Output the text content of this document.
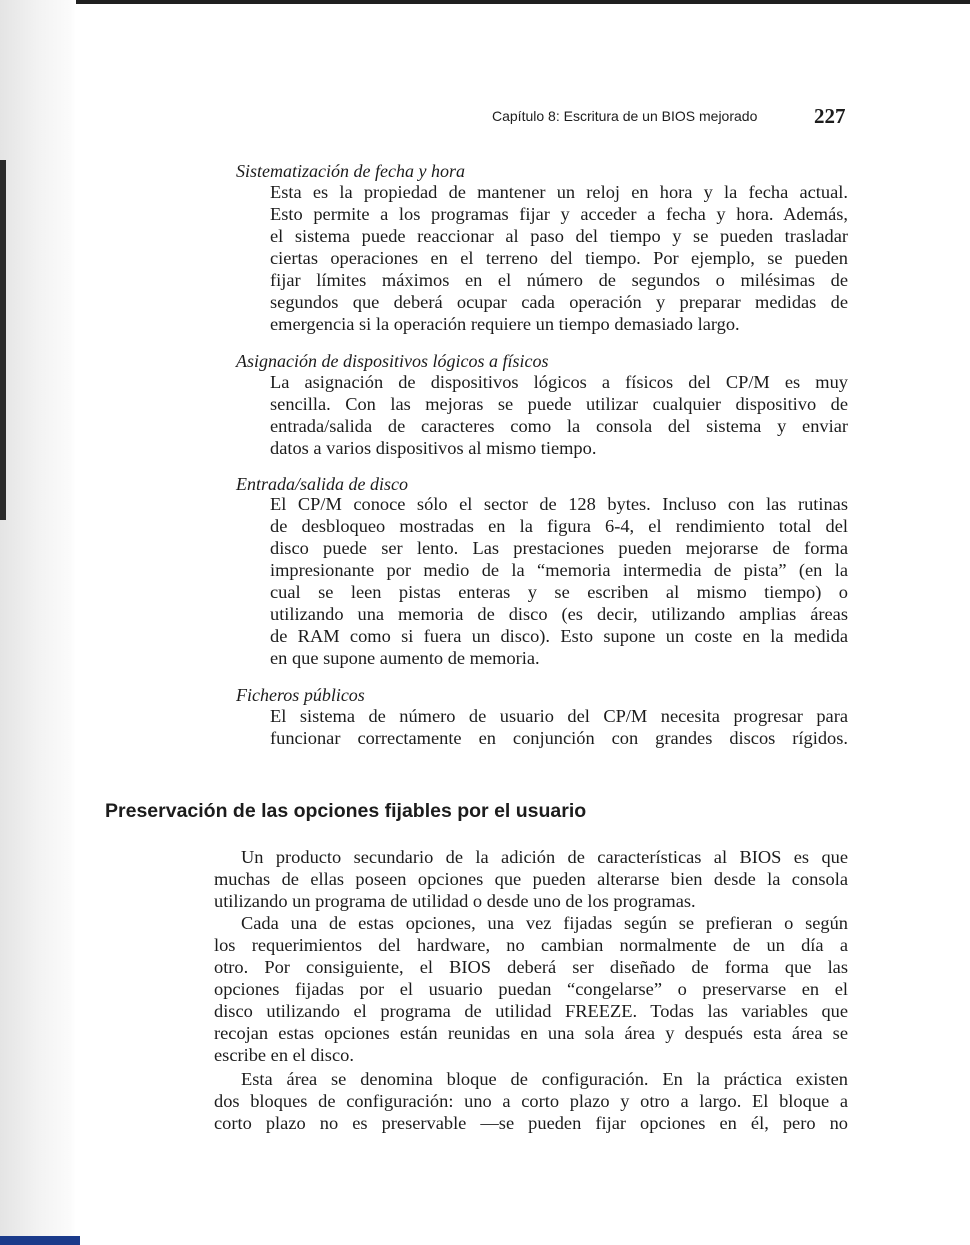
Capítulo 8: Escritura de un BIOS mejorado	227
Sistematización de fecha y hora
Esta es la propiedad de mantener un reloj en hora y la fecha actual.
Esto permite a los programas fijar y acceder a fecha y hora. Además,
el sistema puede reaccionar al paso del tiempo y se pueden trasladar
ciertas operaciones en el terreno del tiempo. Por ejemplo, se pueden
fijar límites máximos en el número de segundos o milésimas de
segundos que deberá ocupar cada operación y preparar medidas de
emergencia si la operación requiere un tiempo demasiado largo.
Asignación de dispositivos lógicos a físicos
La asignación de dispositivos lógicos a físicos del CP/M es muy
sencilla. Con las mejoras se puede utilizar cualquier dispositivo de
entrada/salida de caracteres como la consola del sistema y enviar
datos a varios dispositivos al mismo tiempo.
Entrada/salida de disco
El CP/M conoce sólo el sector de 128 bytes. Incluso con las rutinas
de desbloqueo mostradas en la figura 6-4, el rendimiento total del
disco puede ser lento. Las prestaciones pueden mejorarse de forma
impresionante por medio de la “memoria intermedia de pista” (en la
cual se leen pistas enteras y se escriben al mismo tiempo) o
utilizando una memoria de disco (es decir, utilizando amplias áreas
de RAM como si fuera un disco). Esto supone un coste en la medida
en que supone aumento de memoria.
Ficheros públicos
El sistema de número de usuario del CP/M necesita progresar para
funcionar correctamente en conjunción con grandes discos rígidos.
Preservación de las opciones fijables por el usuario
Un producto secundario de la adición de características al BIOS es que
muchas de ellas poseen opciones que pueden alterarse bien desde la consola
utilizando un programa de utilidad o desde uno de los programas.
Cada una de estas opciones, una vez fijadas según se prefieran o según
los requerimientos del hardware, no cambian normalmente de un día a
otro. Por consiguiente, el BIOS deberá ser diseñado de forma que las
opciones fijadas por el usuario puedan “congelarse” o preservarse en el
disco utilizando el programa de utilidad FREEZE. Todas las variables que
recojan estas opciones están reunidas en una sola área y después esta área se
escribe en el disco.
Esta área se denomina bloque de configuración. En la práctica existen
dos bloques de configuración: uno a corto plazo y otro a largo. El bloque a
corto plazo no es preservable —se pueden fijar opciones en él, pero no
